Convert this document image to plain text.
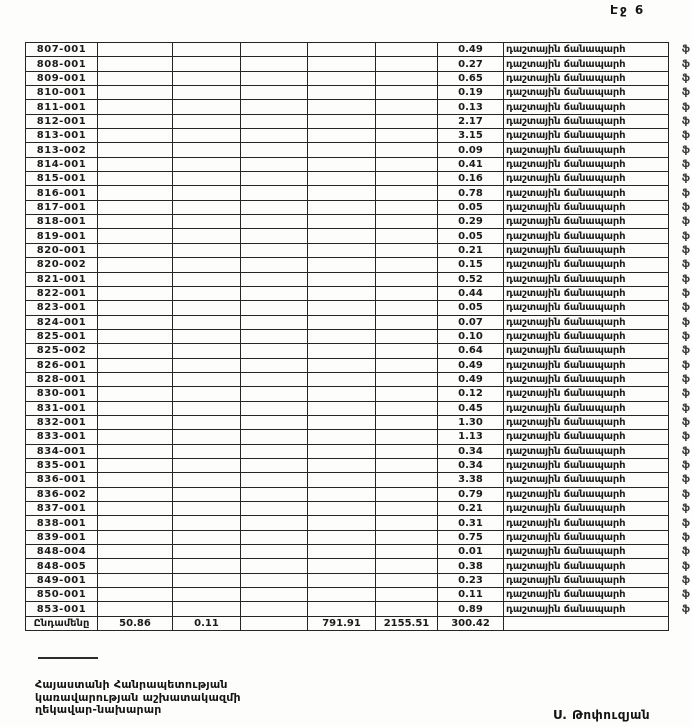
Էջ 6
807-001						0.49	դաշտային ճանապարհ	ֆ
808-001						0.27	դաշտային ճանապարհ	ֆ
809-001						0.65	դաշտային ճանապարհ	ֆ
810-001						0.19	դաշտային ճանապարհ	ֆ
811-001						0.13	դաշտային ճանապարհ	ֆ
812-001						2.17	դաշտային ճանապարհ	ֆ
813-001						3.15	դաշտային ճանապարհ	ֆ
813-002						0.09	դաշտային ճանապարհ	ֆ
814-001						0.41	դաշտային ճանապարհ	ֆ
815-001						0.16	դաշտային ճանապարհ	ֆ
816-001						0.78	դաշտային ճանապարհ	ֆ
817-001						0.05	դաշտային ճանապարհ	ֆ
818-001						0.29	դաշտային ճանապարհ	ֆ
819-001						0.05	դաշտային ճանապարհ	ֆ
820-001						0.21	դաշտային ճանապարհ	ֆ
820-002						0.15	դաշտային ճանապարհ	ֆ
821-001						0.52	դաշտային ճանապարհ	ֆ
822-001						0.44	դաշտային ճանապարհ	ֆ
823-001						0.05	դաշտային ճանապարհ	ֆ
824-001						0.07	դաշտային ճանապարհ	ֆ
825-001						0.10	դաշտային ճանապարհ	ֆ
825-002						0.64	դաշտային ճանապարհ	ֆ
826-001						0.49	դաշտային ճանապարհ	ֆ
828-001						0.49	դաշտային ճանապարհ	ֆ
830-001						0.12	դաշտային ճանապարհ	ֆ
831-001						0.45	դաշտային ճանապարհ	ֆ
832-001						1.30	դաշտային ճանապարհ	ֆ
833-001						1.13	դաշտային ճանապարհ	ֆ
834-001						0.34	դաշտային ճանապարհ	ֆ
835-001						0.34	դաշտային ճանապարհ	ֆ
836-001						3.38	դաշտային ճանապարհ	ֆ
836-002						0.79	դաշտային ճանապարհ	ֆ
837-001						0.21	դաշտային ճանապարհ	ֆ
838-001						0.31	դաշտային ճանապարհ	ֆ
839-001						0.75	դաշտային ճանապարհ	ֆ
848-004						0.01	դաշտային ճանապարհ	ֆ
848-005						0.38	դաշտային ճանապարհ	ֆ
849-001						0.23	դաշտային ճանապարհ	ֆ
850-001						0.11	դաշտային ճանապարհ	ֆ
853-001						0.89	դաշտային ճանապարհ	ֆ
Ընդամենը	50.86	0.11		791.91	2155.51	300.42		
Հայաստանի Հանրապետության
կառավարության աշխատակազմի
ղեկավար-նախարար	Ս. Թոփուզյան
